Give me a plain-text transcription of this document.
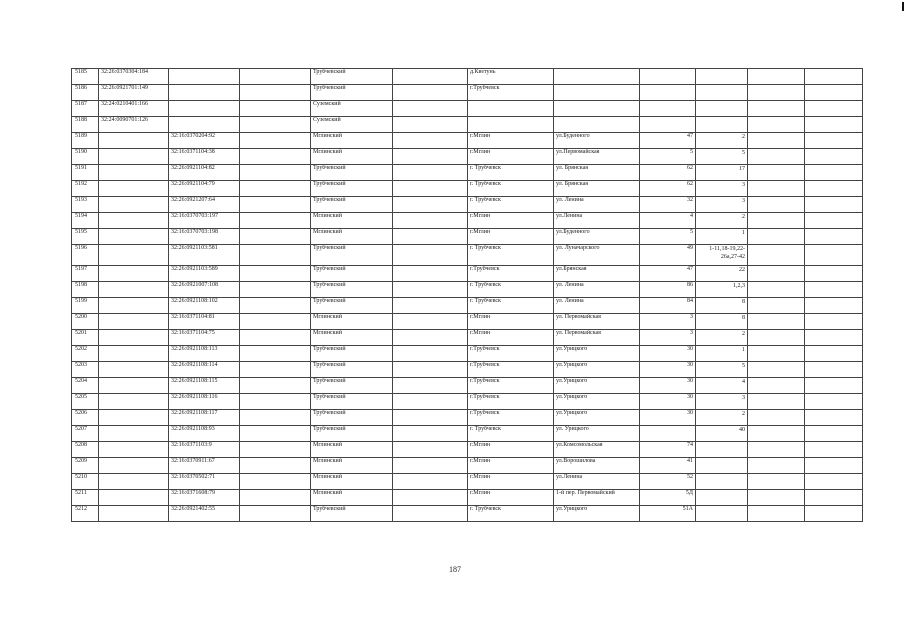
5185	32:26:0370304:184			Трубчевский		д.Кветунь					
5186	32:26:0921701:149			Трубчевский		г.Трубчевск					
5187	32:24:0210401:166			Суземский							
5188	32:24:0090701:126			Суземский							
5189		32:16:0370204:92		Мглинский		г.Мглин	ул.Буденного	47	2		
5190		32:16:0371104:38		Мглинский		г.Мглин	ул.Первомайская	5	5		
5191		32:26:0921104:82		Трубчевский		г. Трубчевск	ул. Брянская	62	17		
5192		32:26:0921104:79		Трубчевский		г. Трубчевск	ул. Брянская	62	3		
5193		32:26:0921207:64		Трубчевский		г. Трубчевск	ул. Ленина	32	3		
5194		32:16:0370703:197		Мглинский		г.Мглин	ул.Ленина	4	2		
5195		32:16:0370703:198		Мглинский		г.Мглин	ул.Буденного	5	1		
5196		32:26:0921103:581		Трубчевский		г. Трубчевск	ул. Луначарского	49	1-11,18-19,22-26а,27-42		
5197		32:26:0921103:589		Трубчевский		г.Трубчевск	ул.Брянская	47	22		
5198		32:26:0921007:108		Трубчевский		г. Трубчевск	ул. Ленина	86	1,2,3		
5199		32:26:0921108:102		Трубчевский		г. Трубчевск	ул. Ленина	84	8		
5200		32:16:0371104:81		Мглинский		г.Мглин	ул. Первомайская	3	8		
5201		32:16:0371104:75		Мглинский		г.Мглин	ул. Первомайская	3	2		
5202		32:26:0921108:113		Трубчевский		г.Трубчевск	ул.Урицкого	30	1		
5203		32:26:0921108:114		Трубчевский		г.Трубчевск	ул.Урицкого	30	5		
5204		32:26:0921108:115		Трубчевский		г.Трубчевск	ул.Урицкого	30	4		
5205		32:26:0921108:116		Трубчевский		г.Трубчевск	ул.Урицкого	30	3		
5206		32:26:0921108:117		Трубчевский		г.Трубчевск	ул.Урицкого	30	2		
5207		32:26:0921108:93		Трубчевский		г. Трубчевск	ул. Урицкого		40		
5208		32:16:0371103:9		Мглинский		г.Мглин	ул.Комсомольская	74			
5209		32:16:0370911:67		Мглинский		г.Мглин	ул.Ворошилова	41			
5210		32:16:0370502:71		Мглинский		г.Мглин	ул.Ленина	52			
5211		32:16:0371608:79		Мглинский		г.Мглин	1-й пер. Первомайский	5Д			
5212		32:26:0921402:55		Трубчевский		г. Трубчевск	ул.Урицкого	51А			
187
